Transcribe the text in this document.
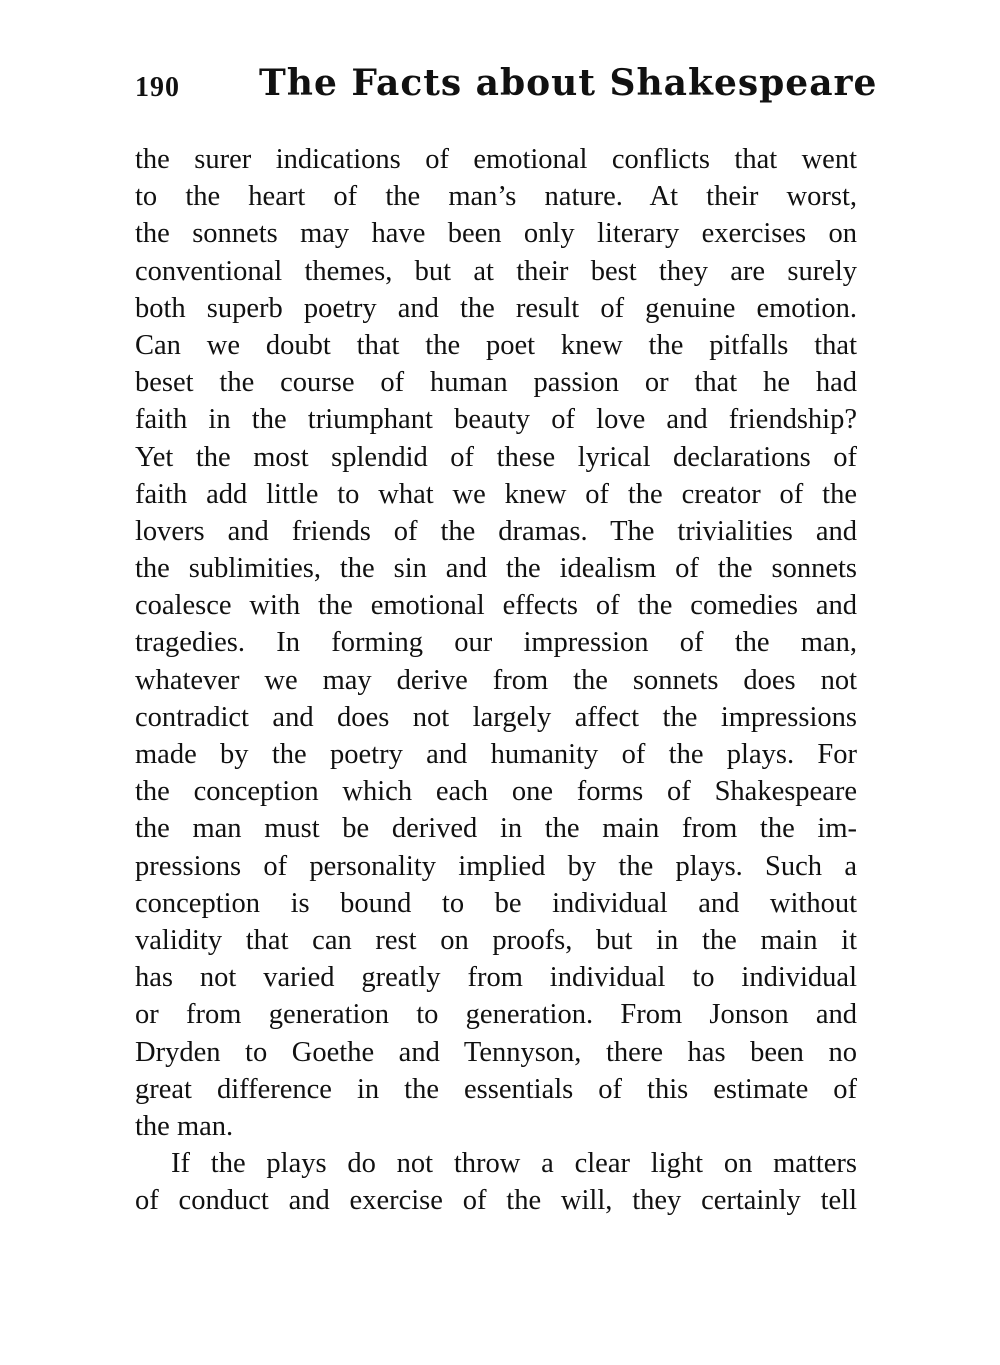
190 The Facts about Shakespeare
the surer indications of emotional conflicts that went
to the heart of the man’s nature. At their worst,
the sonnets may have been only literary exercises on
conventional themes, but at their best they are surely
both superb poetry and the result of genuine emotion.
Can we doubt that the poet knew the pitfalls that
beset the course of human passion or that he had
faith in the triumphant beauty of love and friendship?
Yet the most splendid of these lyrical declarations of
faith add little to what we knew of the creator of the
lovers and friends of the dramas. The trivialities and
the sublimities, the sin and the idealism of the sonnets
coalesce with the emotional effects of the comedies and
tragedies. In forming our impression of the man,
whatever we may derive from the sonnets does not
contradict and does not largely affect the impressions
made by the poetry and humanity of the plays. For
the conception which each one forms of Shakespeare
the man must be derived in the main from the im-
pressions of personality implied by the plays. Such a
conception is bound to be individual and without
validity that can rest on proofs, but in the main it
has not varied greatly from individual to individual
or from generation to generation. From Jonson and
Dryden to Goethe and Tennyson, there has been no
great difference in the essentials of this estimate of
the man.
If the plays do not throw a clear light on matters
of conduct and exercise of the will, they certainly tell
